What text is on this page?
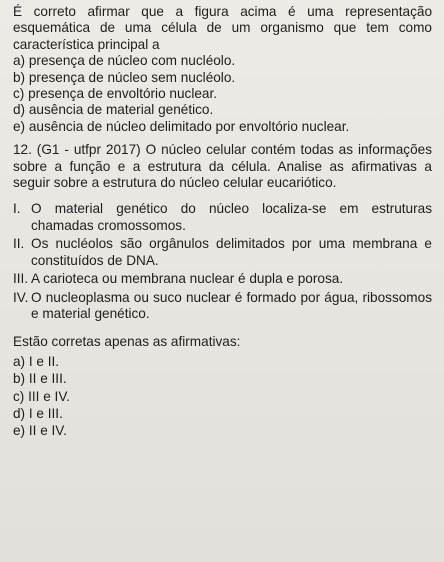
É correto afirmar que a figura acima é uma representação esquemática de uma célula de um organismo que tem como característica principal a

a) presença de núcleo com nucléolo.
b) presença de núcleo sem nucléolo.
c) presença de envoltório nuclear.
d) ausência de material genético.
e) ausência de núcleo delimitado por envoltório nuclear.

12. (G1 - utfpr 2017) O núcleo celular contém todas as informações sobre a função e a estrutura da célula. Analise as afirmativas a seguir sobre a estrutura do núcleo celular eucariótico.

I. O material genético do núcleo localiza-se em estruturas chamadas cromossomos.
II. Os nucléolos são orgânulos delimitados por uma membrana e constituídos de DNA.
III. A carioteca ou membrana nuclear é dupla e porosa.
IV. O nucleoplasma ou suco nuclear é formado por água, ribossomos e material genético.

Estão corretas apenas as afirmativas:

a) I e II.
b) II e III.
c) III e IV.
d) I e III.
e) II e IV.
